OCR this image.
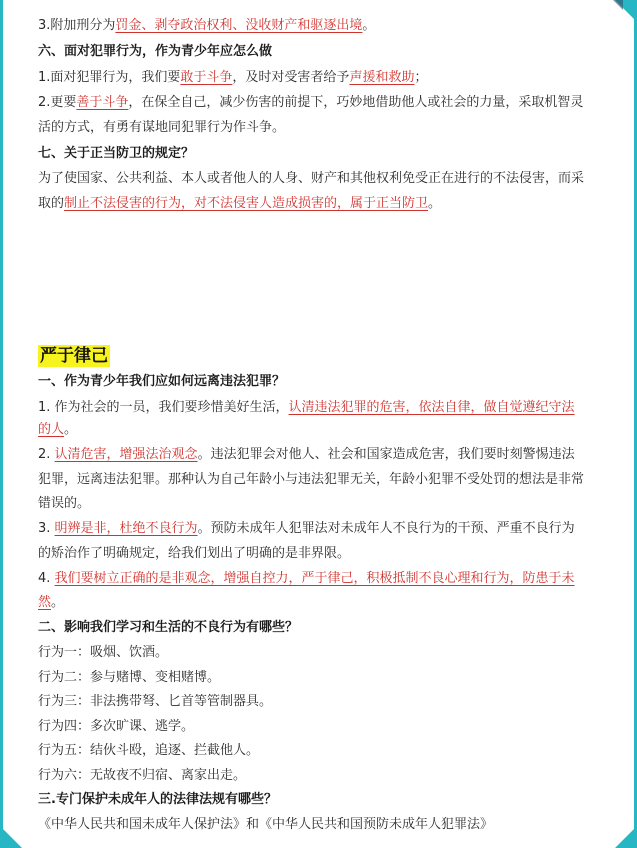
3.附加刑分为罚金、剥夺政治权利、没收财产和驱逐出境。
六、面对犯罪行为，作为青少年应怎么做
1.面对犯罪行为，我们要敢于斗争，及时对受害者给予声援和救助；
2.更要善于斗争，在保全自己，减少伤害的前提下，巧妙地借助他人或社会的力量，采取机智灵
活的方式，有勇有谋地同犯罪行为作斗争。
七、关于正当防卫的规定？
为了使国家、公共利益、本人或者他人的人身、财产和其他权利免受正在进行的不法侵害，而采
取的制止不法侵害的行为，对不法侵害人造成损害的，属于正当防卫。
严于律己
一、作为青少年我们应如何远离违法犯罪？
1. 作为社会的一员，我们要珍惜美好生活，认清违法犯罪的危害，依法自律，做自觉遵纪守法
的人。
2. 认清危害，增强法治观念。违法犯罪会对他人、社会和国家造成危害，我们要时刻警惕违法
犯罪，远离违法犯罪。那种认为自己年龄小与违法犯罪无关，年龄小犯罪不受处罚的想法是非常
错误的。
3. 明辨是非，杜绝不良行为。预防未成年人犯罪法对未成年人不良行为的干预、严重不良行为
的矫治作了明确规定，给我们划出了明确的是非界限。
4. 我们要树立正确的是非观念，增强自控力，严于律己，积极抵制不良心理和行为，防患于未
然。
二、影响我们学习和生活的不良行为有哪些？
行为一：吸烟、饮酒。
行为二：参与赌博、变相赌博。
行为三：非法携带弩、匕首等管制器具。
行为四：多次旷课、逃学。
行为五：结伙斗殴，追逐、拦截他人。
行为六：无故夜不归宿、离家出走。
三.专门保护未成年人的法律法规有哪些？
《中华人民共和国未成年人保护法》和《中华人民共和国预防未成年人犯罪法》
